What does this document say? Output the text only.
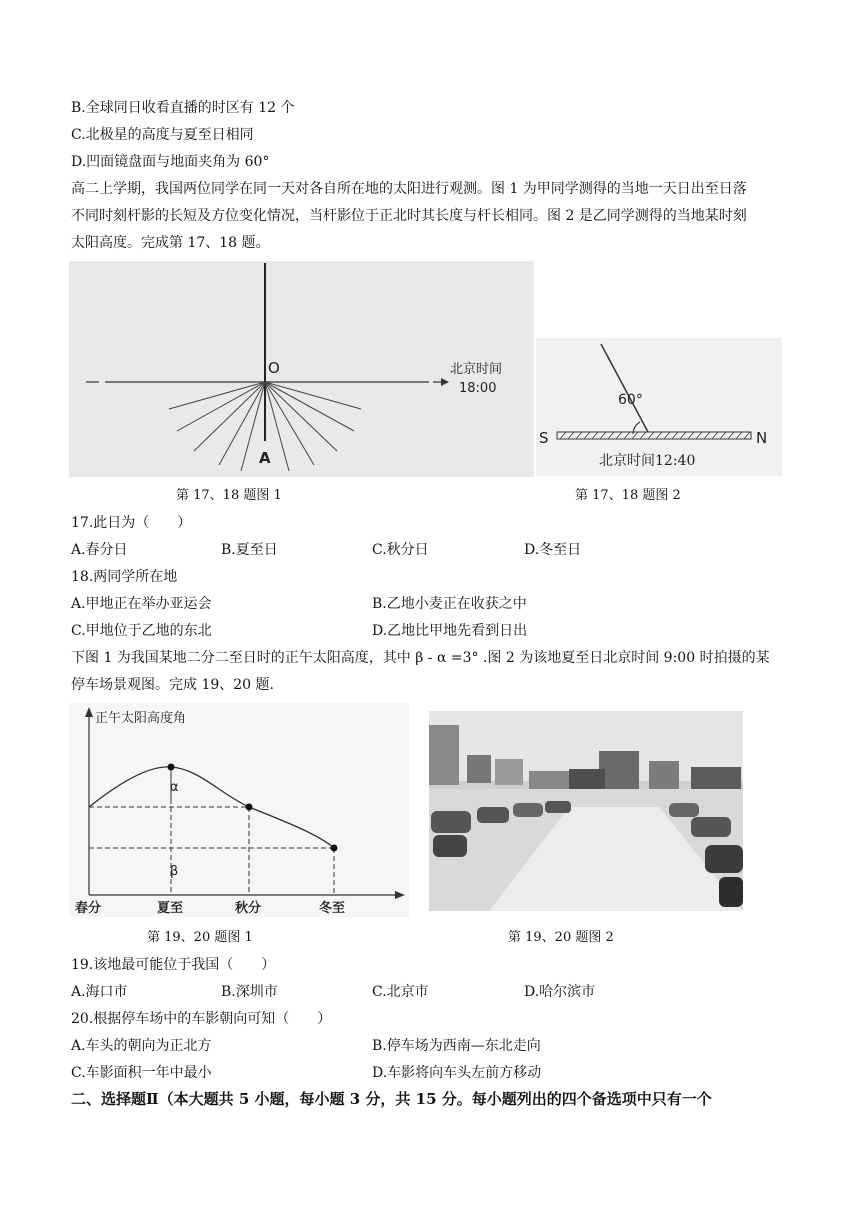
B.全球同日收看直播的时区有 12 个
C.北极星的高度与夏至日相同
D.凹面镜盘面与地面夹角为 60°
高二上学期，我国两位同学在同一天对各自所在地的太阳进行观测。图 1 为甲同学测得的当地一天日出至日落
不同时刻杆影的长短及方位变化情况，当杆影位于正北时其长度与杆长相同。图 2 是乙同学测得的当地某时刻
太阳高度。完成第 17、18 题。
O
A
北京时间
18:00
60°
S	N
北京时间12:40
第 17、18 题图 1	第 17、18 题图 2
17.此日为（　　）
A.春分日	B.夏至日	C.秋分日	D.冬至日
18.两同学所在地
A.甲地正在举办亚运会	B.乙地小麦正在收获之中
C.甲地位于乙地的东北	D.乙地比甲地先看到日出
下图 1 为我国某地二分二至日时的正午太阳高度，其中 β - α =3° .图 2 为该地夏至日北京时间 9:00 时拍摄的某
停车场景观图。完成 19、20 题.
正午太阳高度角
α
β
春分	夏至	秋分	冬至
第 19、20 题图 1	第 19、20 题图 2
19.该地最可能位于我国（　　）
A.海口市	B.深圳市	C.北京市	D.哈尔滨市
20.根据停车场中的车影朝向可知（　　）
A.车头的朝向为正北方	B.停车场为西南—东北走向
C.车影面积一年中最小	D.车影将向车头左前方移动
二、选择题Ⅱ（本大题共 5 小题，每小题 3 分，共 15 分。每小题列出的四个备选项中只有一个
